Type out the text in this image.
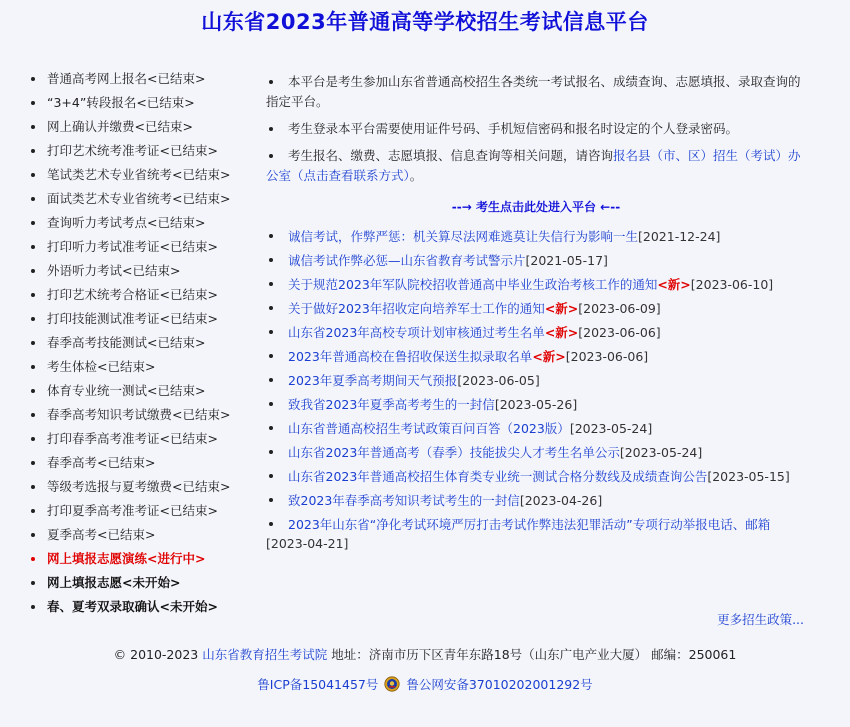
山东省2023年普通高等学校招生考试信息平台
普通高考网上报名<已结束>
“3+4”转段报名<已结束>
网上确认并缴费<已结束>
打印艺术统考准考证<已结束>
笔试类艺术专业省统考<已结束>
面试类艺术专业省统考<已结束>
查询听力考试考点<已结束>
打印听力考试准考证<已结束>
外语听力考试<已结束>
打印艺术统考合格证<已结束>
打印技能测试准考证<已结束>
春季高考技能测试<已结束>
考生体检<已结束>
体育专业统一测试<已结束>
春季高考知识考试缴费<已结束>
打印春季高考准考证<已结束>
春季高考<已结束>
等级考选报与夏考缴费<已结束>
打印夏季高考准考证<已结束>
夏季高考<已结束>
网上填报志愿演练<进行中>
网上填报志愿<未开始>
春、夏考双录取确认<未开始>
本平台是考生参加山东省普通高校招生各类统一考试报名、成绩查询、志愿填报、录取查询的指定平台。
考生登录本平台需要使用证件号码、手机短信密码和报名时设定的个人登录密码。
考生报名、缴费、志愿填报、信息查询等相关问题，请咨询报名县（市、区）招生（考试）办公室（点击查看联系方式）。
--→ 考生点击此处进入平台 ←--
诚信考试，作弊严惩：机关算尽法网难逃莫让失信行为影响一生[2021-12-24]
诚信考试作弊必惩—山东省教育考试警示片[2021-05-17]
关于规范2023年军队院校招收普通高中毕业生政治考核工作的通知<新>[2023-06-10]
关于做好2023年招收定向培养军士工作的通知<新>[2023-06-09]
山东省2023年高校专项计划审核通过考生名单<新>[2023-06-06]
2023年普通高校在鲁招收保送生拟录取名单<新>[2023-06-06]
2023年夏季高考期间天气预报[2023-06-05]
致我省2023年夏季高考考生的一封信[2023-05-26]
山东省普通高校招生考试政策百问百答（2023版）[2023-05-24]
山东省2023年普通高考（春季）技能拔尖人才考生名单公示[2023-05-24]
山东省2023年普通高校招生体育类专业统一测试合格分数线及成绩查询公告[2023-05-15]
致2023年春季高考知识考试考生的一封信[2023-04-26]
2023年山东省“净化考试环境严厉打击考试作弊违法犯罪活动”专项行动举报电话、邮箱[2023-04-21]
更多招生政策...
© 2010-2023 山东省教育招生考试院 地址：济南市历下区青年东路18号（山东广电产业大厦） 邮编：250061
鲁ICP备15041457号 鲁公网安备37010202001292号
